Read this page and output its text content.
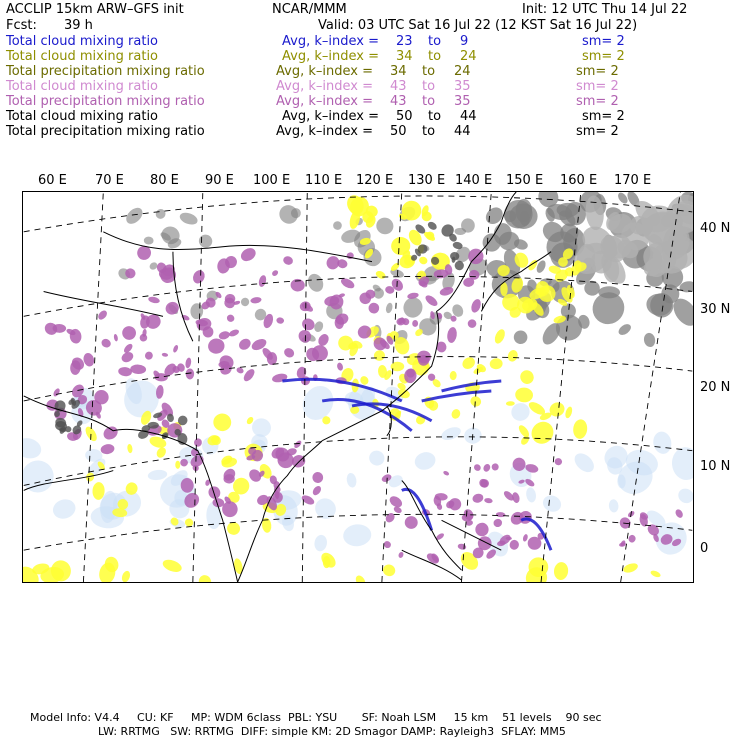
ACCLIP 15km ARW–GFS init	NCAR/MMM	Init: 12 UTC Thu 14 Jul 22
Fcst: 39 h	Valid: 03 UTC Sat 16 Jul 22 (12 KST Sat 16 Jul 22)
Total cloud mixing ratio	Avg, k–index = 23 to 9	sm= 2
Total cloud mixing ratio	Avg, k–index = 34 to 24	sm= 2
Total precipitation mixing ratio	Avg, k–index = 34 to 24	sm= 2
Total cloud mixing ratio	Avg, k–index = 43 to 35	sm= 2
Total precipitation mixing ratio	Avg, k–index = 43 to 35	sm= 2
Total cloud mixing ratio	Avg, k–index = 50 to 44	sm= 2
Total precipitation mixing ratio	Avg, k–index = 50 to 44	sm= 2
60 E 70 E 80 E 90 E 100 E 110 E 120 E 130 E 140 E 150 E 160 E 170 E
40 N
30 N
20 N
10 N
0
Model Info: V4.4     CU: KF     MP: WDM 6class  PBL: YSU       SF: Noah LSM     15 km    51 levels    90 sec
LW: RRTMG   SW: RRTMG  DIFF: simple KM: 2D Smagor DAMP: Rayleigh3  SFLAY: MM5
